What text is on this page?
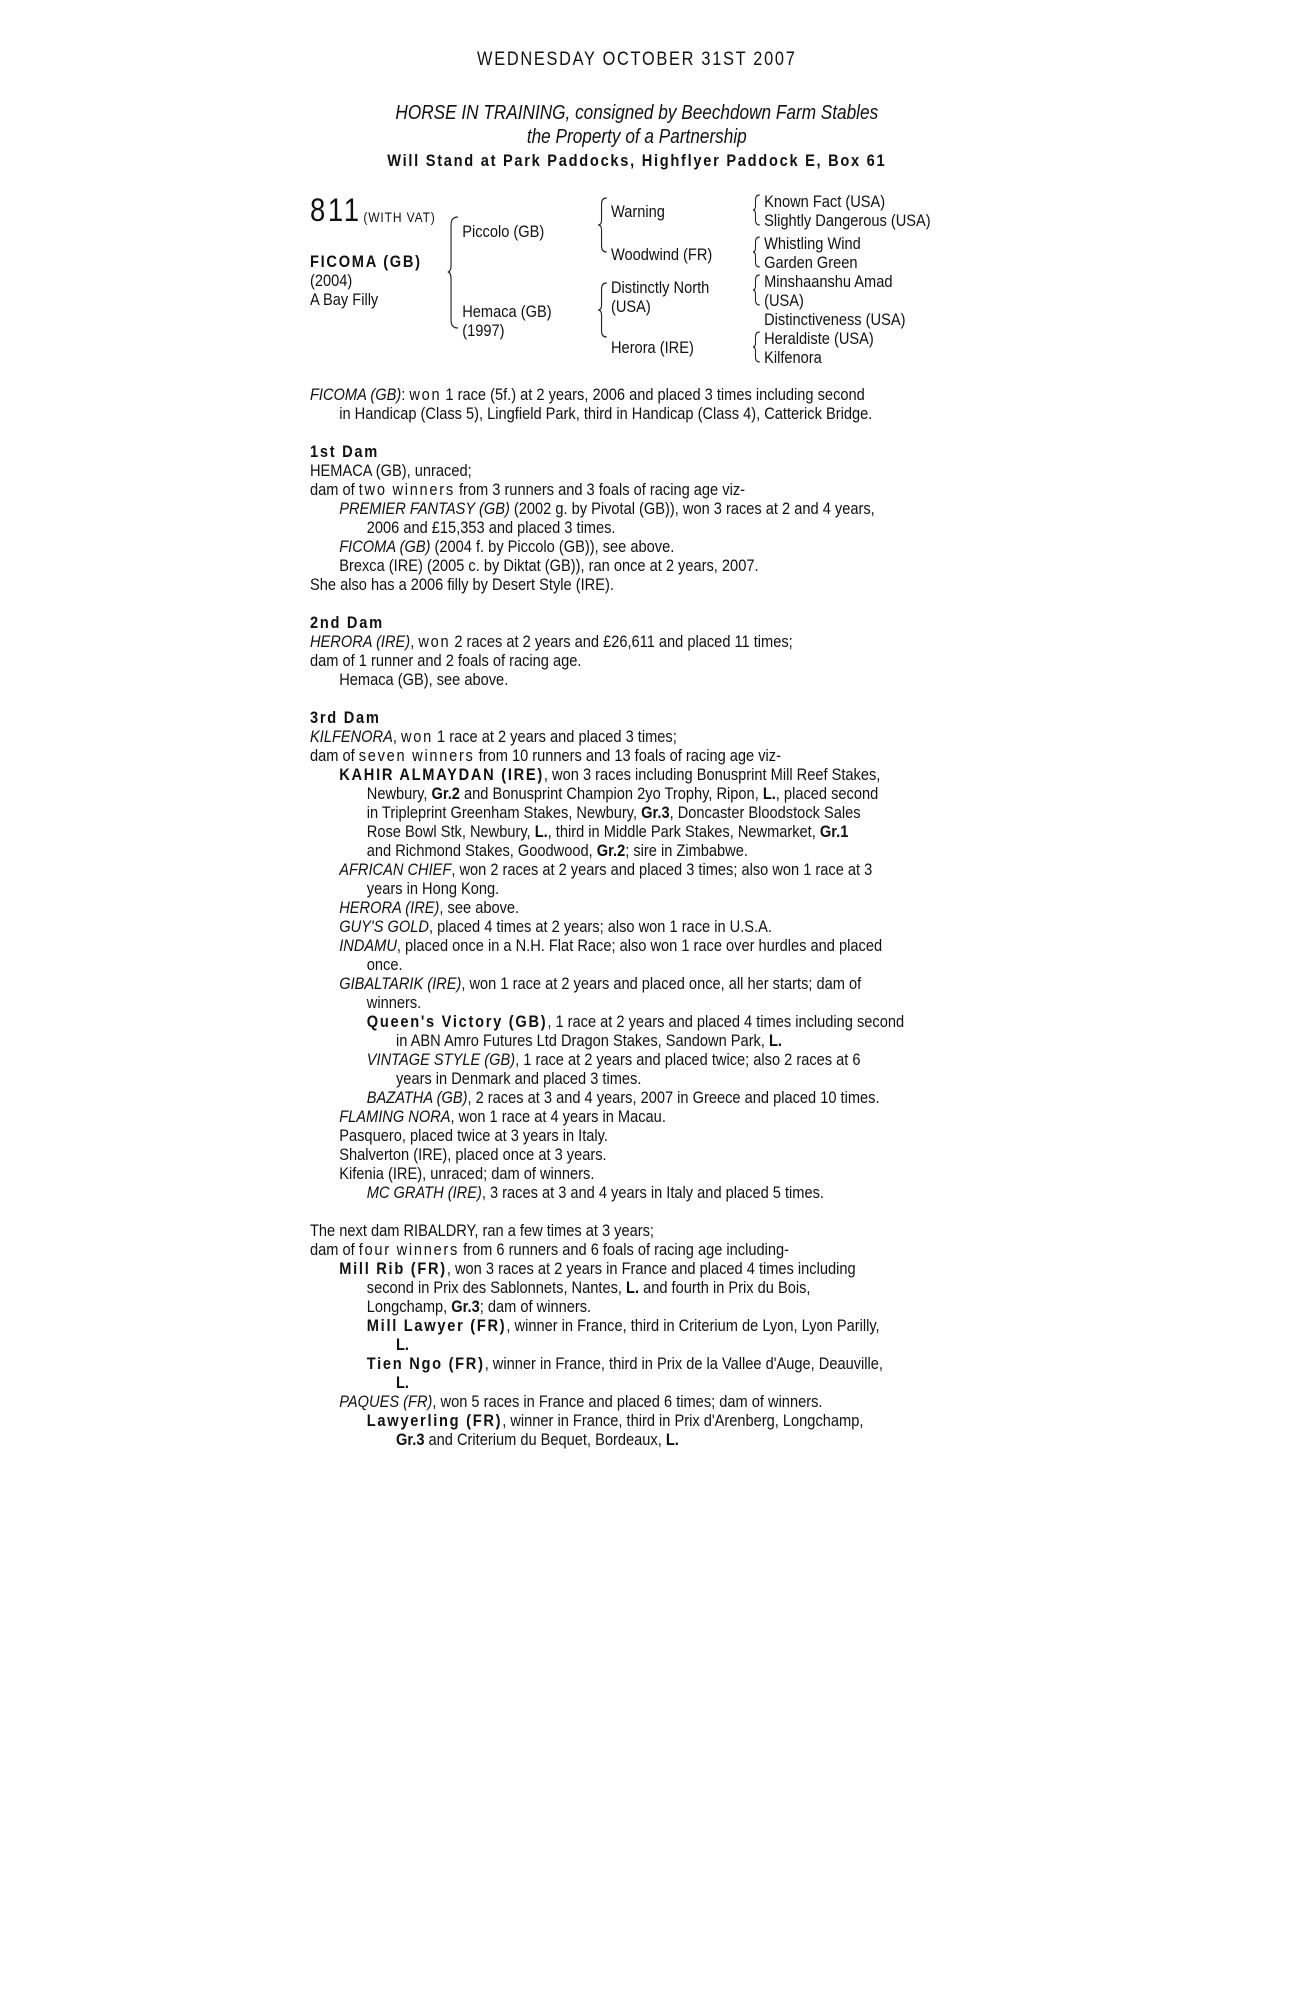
WEDNESDAY OCTOBER 31ST 2007
HORSE IN TRAINING, consigned by Beechdown Farm Stables
the Property of a Partnership
Will Stand at Park Paddocks, Highflyer Paddock E, Box 61
811 (WITH VAT)
FICOMA (GB)
(2004)
A Bay Filly
Piccolo (GB)
Hemaca (GB)
(1997)
Warning
Woodwind (FR)
Distinctly North
(USA)
Herora (IRE)
Known Fact (USA)
Slightly Dangerous (USA)
Whistling Wind
Garden Green
Minshaanshu Amad
(USA)
Distinctiveness (USA)
Heraldiste (USA)
Kilfenora
FICOMA (GB): won 1 race (5f.) at 2 years, 2006 and placed 3 times including second
in Handicap (Class 5), Lingfield Park, third in Handicap (Class 4), Catterick Bridge.

1st Dam
HEMACA (GB), unraced;
dam of two winners from 3 runners and 3 foals of racing age viz-
PREMIER FANTASY (GB) (2002 g. by Pivotal (GB)), won 3 races at 2 and 4 years,
2006 and £15,353 and placed 3 times.
FICOMA (GB) (2004 f. by Piccolo (GB)), see above.
Brexca (IRE) (2005 c. by Diktat (GB)), ran once at 2 years, 2007.
She also has a 2006 filly by Desert Style (IRE).

2nd Dam
HERORA (IRE), won 2 races at 2 years and £26,611 and placed 11 times;
dam of 1 runner and 2 foals of racing age.
Hemaca (GB), see above.

3rd Dam
KILFENORA, won 1 race at 2 years and placed 3 times;
dam of seven winners from 10 runners and 13 foals of racing age viz-
KAHIR ALMAYDAN (IRE), won 3 races including Bonusprint Mill Reef Stakes,
Newbury, Gr.2 and Bonusprint Champion 2yo Trophy, Ripon, L., placed second
in Tripleprint Greenham Stakes, Newbury, Gr.3, Doncaster Bloodstock Sales
Rose Bowl Stk, Newbury, L., third in Middle Park Stakes, Newmarket, Gr.1
and Richmond Stakes, Goodwood, Gr.2; sire in Zimbabwe.
AFRICAN CHIEF, won 2 races at 2 years and placed 3 times; also won 1 race at 3
years in Hong Kong.
HERORA (IRE), see above.
GUY'S GOLD, placed 4 times at 2 years; also won 1 race in U.S.A.
INDAMU, placed once in a N.H. Flat Race; also won 1 race over hurdles and placed
once.
GIBALTARIK (IRE), won 1 race at 2 years and placed once, all her starts; dam of
winners.
Queen's Victory (GB), 1 race at 2 years and placed 4 times including second
in ABN Amro Futures Ltd Dragon Stakes, Sandown Park, L.
VINTAGE STYLE (GB), 1 race at 2 years and placed twice; also 2 races at 6
years in Denmark and placed 3 times.
BAZATHA (GB), 2 races at 3 and 4 years, 2007 in Greece and placed 10 times.
FLAMING NORA, won 1 race at 4 years in Macau.
Pasquero, placed twice at 3 years in Italy.
Shalverton (IRE), placed once at 3 years.
Kifenia (IRE), unraced; dam of winners.
MC GRATH (IRE), 3 races at 3 and 4 years in Italy and placed 5 times.

The next dam RIBALDRY, ran a few times at 3 years;
dam of four winners from 6 runners and 6 foals of racing age including-
Mill Rib (FR), won 3 races at 2 years in France and placed 4 times including
second in Prix des Sablonnets, Nantes, L. and fourth in Prix du Bois,
Longchamp, Gr.3; dam of winners.
Mill Lawyer (FR), winner in France, third in Criterium de Lyon, Lyon Parilly,
L.
Tien Ngo (FR), winner in France, third in Prix de la Vallee d'Auge, Deauville,
L.
PAQUES (FR), won 5 races in France and placed 6 times; dam of winners.
Lawyerling (FR), winner in France, third in Prix d'Arenberg, Longchamp,
Gr.3 and Criterium du Bequet, Bordeaux, L.
